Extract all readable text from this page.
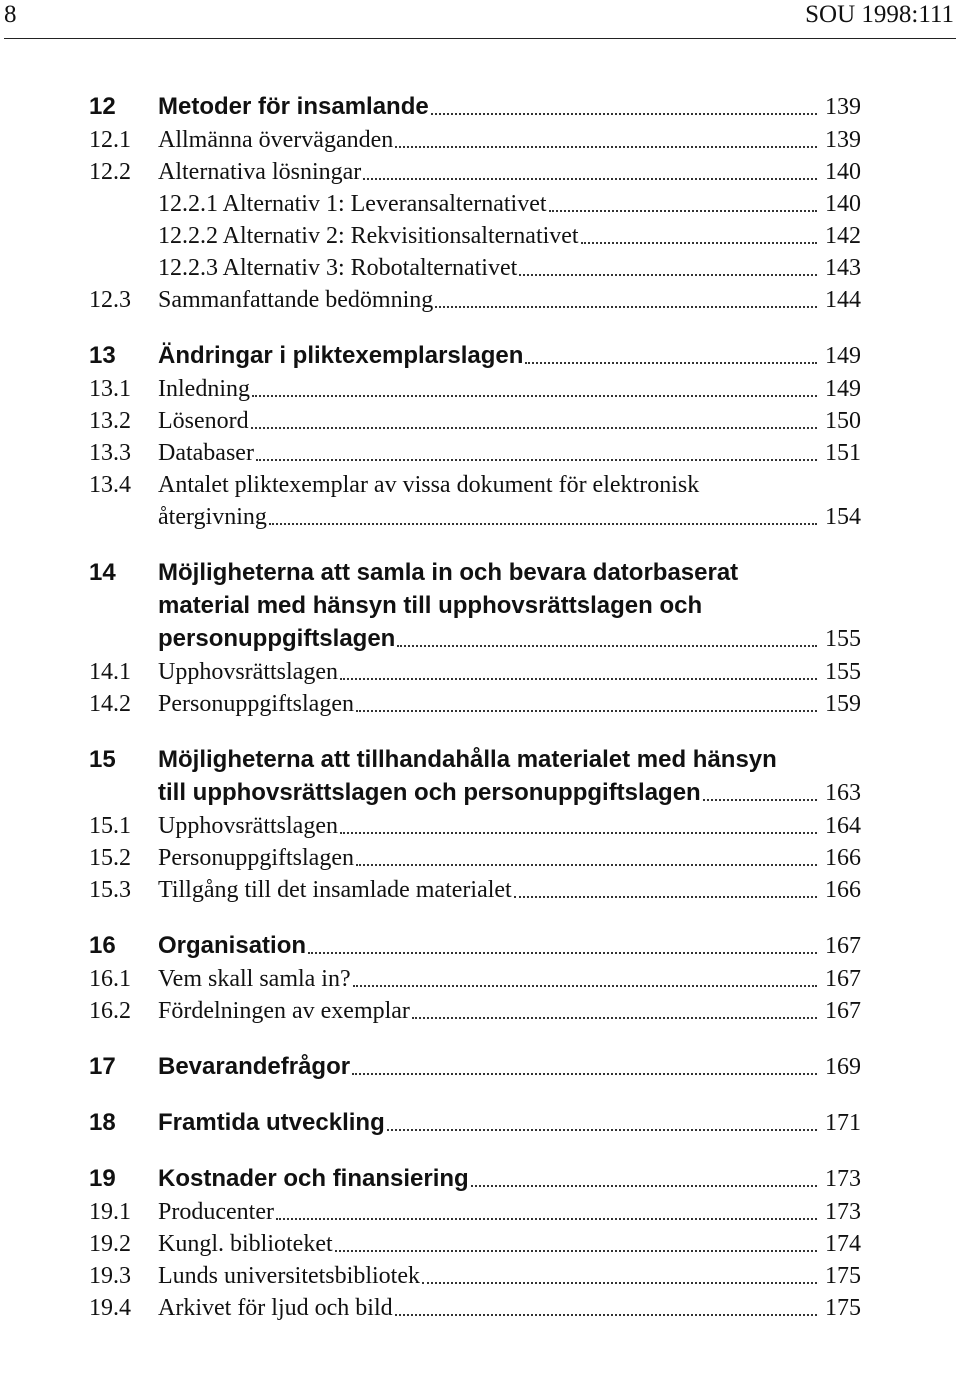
8	SOU 1998:111
12	Metoder för insamlande	139
12.1	Allmänna överväganden	139
12.2	Alternativa lösningar	140
12.2.1 Alternativ 1: Leveransalternativet	140
12.2.2 Alternativ 2: Rekvisitionsalternativet	142
12.2.3 Alternativ 3: Robotalternativet	143
12.3	Sammanfattande bedömning	144
13	Ändringar i pliktexemplarslagen	149
13.1	Inledning	149
13.2	Lösenord	150
13.3	Databaser	151
13.4	Antalet pliktexemplar av vissa dokument för elektronisk
återgivning	154
14	Möjligheterna att samla in och bevara datorbaserat
material med hänsyn till upphovsrättslagen och
personuppgiftslagen	155
14.1	Upphovsrättslagen	155
14.2	Personuppgiftslagen	159
15	Möjligheterna att tillhandahålla materialet med hänsyn
till upphovsrättslagen och personuppgiftslagen	163
15.1	Upphovsrättslagen	164
15.2	Personuppgiftslagen	166
15.3	Tillgång till det insamlade materialet	166
16	Organisation	167
16.1	Vem skall samla in?	167
16.2	Fördelningen av exemplar	167
17	Bevarandefrågor	169
18	Framtida utveckling	171
19	Kostnader och finansiering	173
19.1	Producenter	173
19.2	Kungl. biblioteket	174
19.3	Lunds universitetsbibliotek	175
19.4	Arkivet för ljud och bild	175
